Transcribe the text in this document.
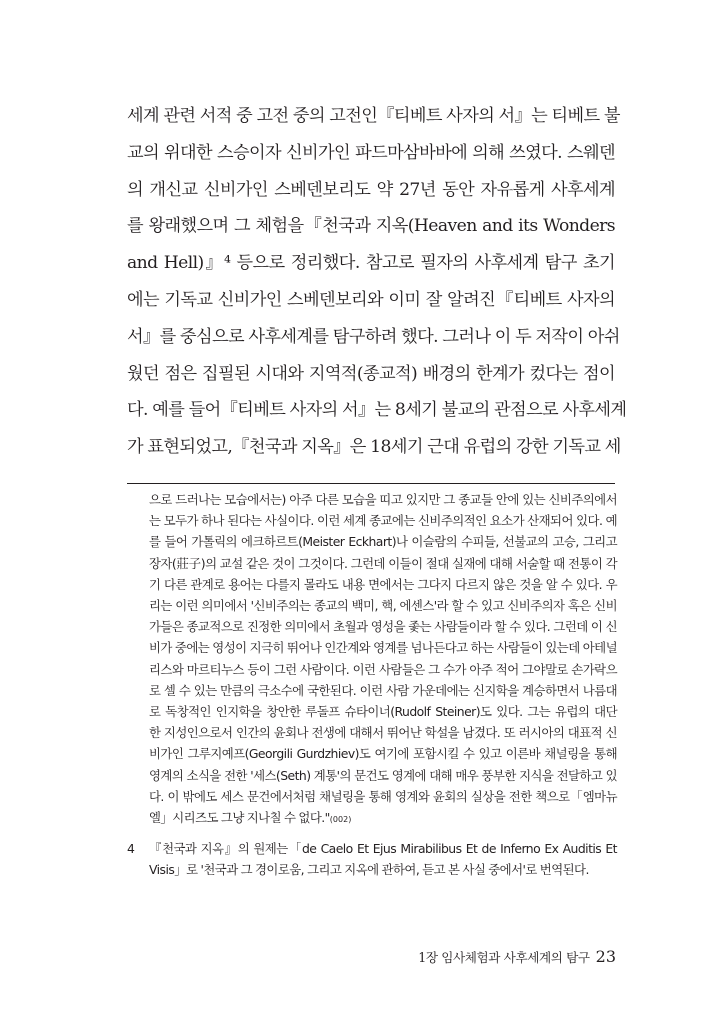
세계 관련 서적 중 고전 중의 고전인『티베트 사자의 서』는 티베트 불

교의 위대한 스승이자 신비가인 파드마삼바바에 의해 쓰였다. 스웨덴

의 개신교 신비가인 스베덴보리도 약 27년 동안 자유롭게 사후세계

를 왕래했으며 그 체험을『천국과 지옥(Heaven and its Wonders

and Hell)』⁴ 등으로 정리했다. 참고로 필자의 사후세계 탐구 초기

에는 기독교 신비가인 스베덴보리와 이미 잘 알려진『티베트 사자의

서』를 중심으로 사후세계를 탐구하려 했다. 그러나 이 두 저작이 아쉬

웠던 점은 집필된 시대와 지역적(종교적) 배경의 한계가 컸다는 점이

다. 예를 들어『티베트 사자의 서』는 8세기 불교의 관점으로 사후세계

가 표현되었고,『천국과 지옥』은 18세기 근대 유럽의 강한 기독교 세

으로 드러나는 모습에서는) 아주 다른 모습을 띠고 있지만 그 종교들 안에 있는 신비주의에서

는 모두가 하나 된다는 사실이다. 이런 세계 종교에는 신비주의적인 요소가 산재되어 있다. 예

를 들어 가톨릭의 에크하르트(Meister Eckhart)나 이슬람의 수피들, 선불교의 고승, 그리고

장자(莊子)의 교설 같은 것이 그것이다. 그런데 이들이 절대 실재에 대해 서술할 때 전통이 각

기 다른 관계로 용어는 다를지 몰라도 내용 면에서는 그다지 다르지 않은 것을 알 수 있다. 우

리는 이런 의미에서 '신비주의는 종교의 백미, 핵, 에센스'라 할 수 있고 신비주의자 혹은 신비

가들은 종교적으로 진정한 의미에서 초월과 영성을 좇는 사람들이라 할 수 있다. 그런데 이 신

비가 중에는 영성이 지극히 뛰어나 인간계와 영계를 넘나든다고 하는 사람들이 있는데 아테널

리스와 마르티누스 등이 그런 사람이다. 이런 사람들은 그 수가 아주 적어 그야말로 손가락으

로 셀 수 있는 만큼의 극소수에 국한된다. 이런 사람 가운데에는 신지학을 계승하면서 나름대

로 독창적인 인지학을 창안한 루돌프 슈타이너(Rudolf Steiner)도 있다. 그는 유럽의 대단

한 지성인으로서 인간의 윤회나 전생에 대해서 뛰어난 학설을 남겼다. 또 러시아의 대표적 신

비가인 그루지예프(Georgili Gurdzhiev)도 여기에 포함시킬 수 있고 이른바 채널링을 통해

영계의 소식을 전한 '세스(Seth) 계통'의 문건도 영계에 대해 매우 풍부한 지식을 전달하고 있

다. 이 밖에도 세스 문건에서처럼 채널링을 통해 영계와 윤회의 실상을 전한 책으로「엠마뉴

엘」시리즈도 그냥 지나칠 수 없다."(002)

4 『천국과 지옥』의 원제는「de Caelo Et Ejus Mirabilibus Et de Inferno Ex Auditis Et

Visis」로 '천국과 그 경이로움, 그리고 지옥에 관하여, 듣고 본 사실 중에서'로 번역된다.

1장 임사체험과 사후세계의 탐구 23
